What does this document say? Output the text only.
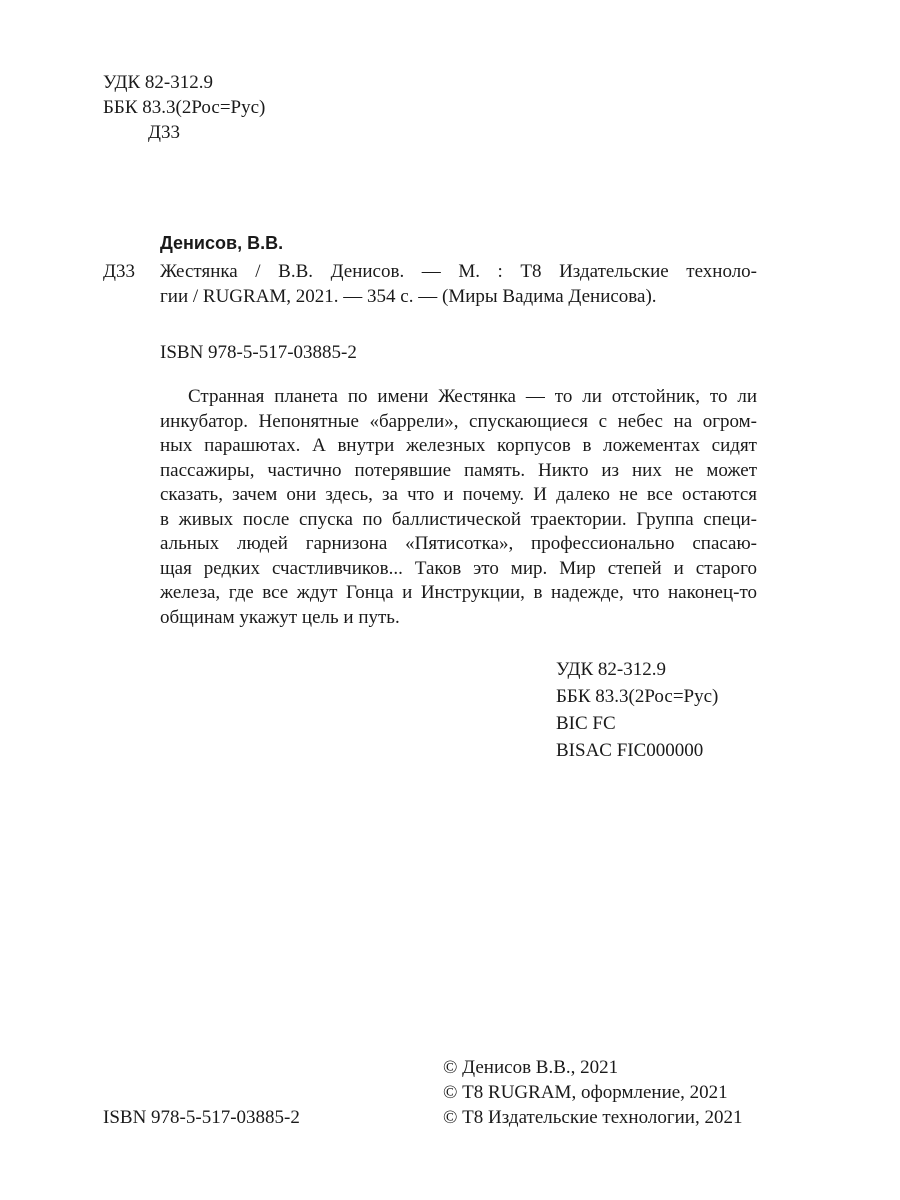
УДК 82-312.9
ББК 83.3(2Рос=Рус)
Д33
Денисов, В.В.
Д33 Жестянка / В.В. Денисов. — М. : Т8 Издательские техноло-
гии / RUGRAM, 2021. — 354 с. — (Миры Вадима Денисова).
ISBN 978-5-517-03885-2
Странная планета по имени Жестянка — то ли отстойник, то ли
инкубатор. Непонятные «баррели», спускающиеся с небес на огром-
ных парашютах. А внутри железных корпусов в ложементах сидят
пассажиры, частично потерявшие память. Никто из них не может
сказать, зачем они здесь, за что и почему. И далеко не все остаются
в живых после спуска по баллистической траектории. Группа специ-
альных людей гарнизона «Пятисотка», профессионально спасаю-
щая редких счастливчиков... Таков это мир. Мир степей и старого
железа, где все ждут Гонца и Инструкции, в надежде, что наконец-то
общинам укажут цель и путь.
УДК 82-312.9
ББК 83.3(2Рос=Рус)
BIC FC
BISAC FIC000000
© Денисов В.В., 2021
© Т8 RUGRAM, оформление, 2021
© Т8 Издательские технологии, 2021
ISBN 978-5-517-03885-2
